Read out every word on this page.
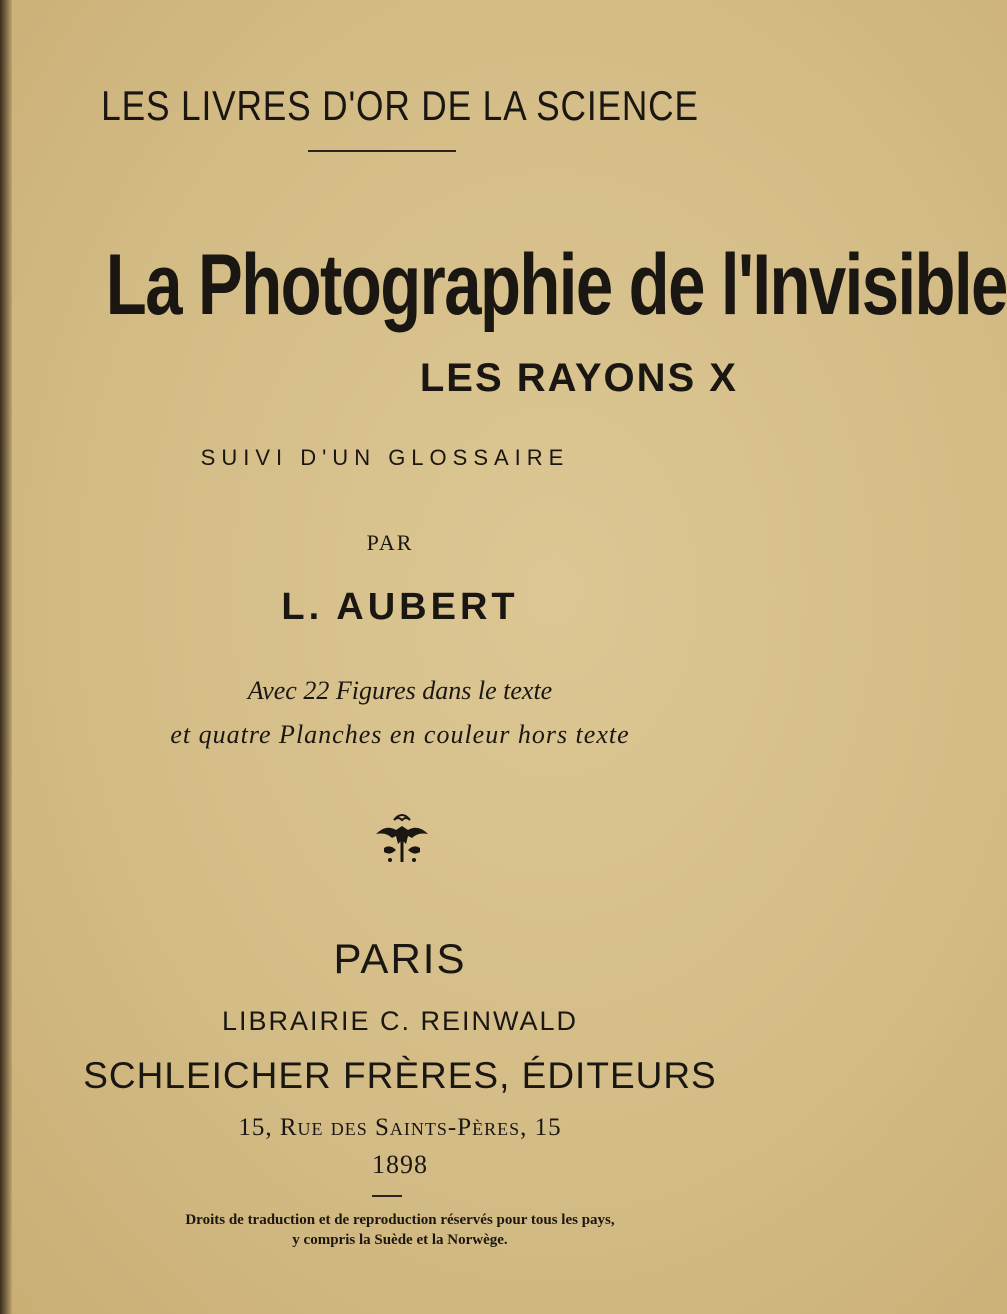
LES LIVRES D'OR DE LA SCIENCE
La Photographie de l'Invisible
LES RAYONS X
SUIVI D'UN GLOSSAIRE
PAR
L. AUBERT
Avec 22 Figures dans le texte
et quatre Planches en couleur hors texte
PARIS
LIBRAIRIE C. REINWALD
SCHLEICHER FRÈRES, ÉDITEURS
15, Rue des Saints-Pères, 15
1898
Droits de traduction et de reproduction réservés pour tous les pays,
y compris la Suède et la Norwège.
